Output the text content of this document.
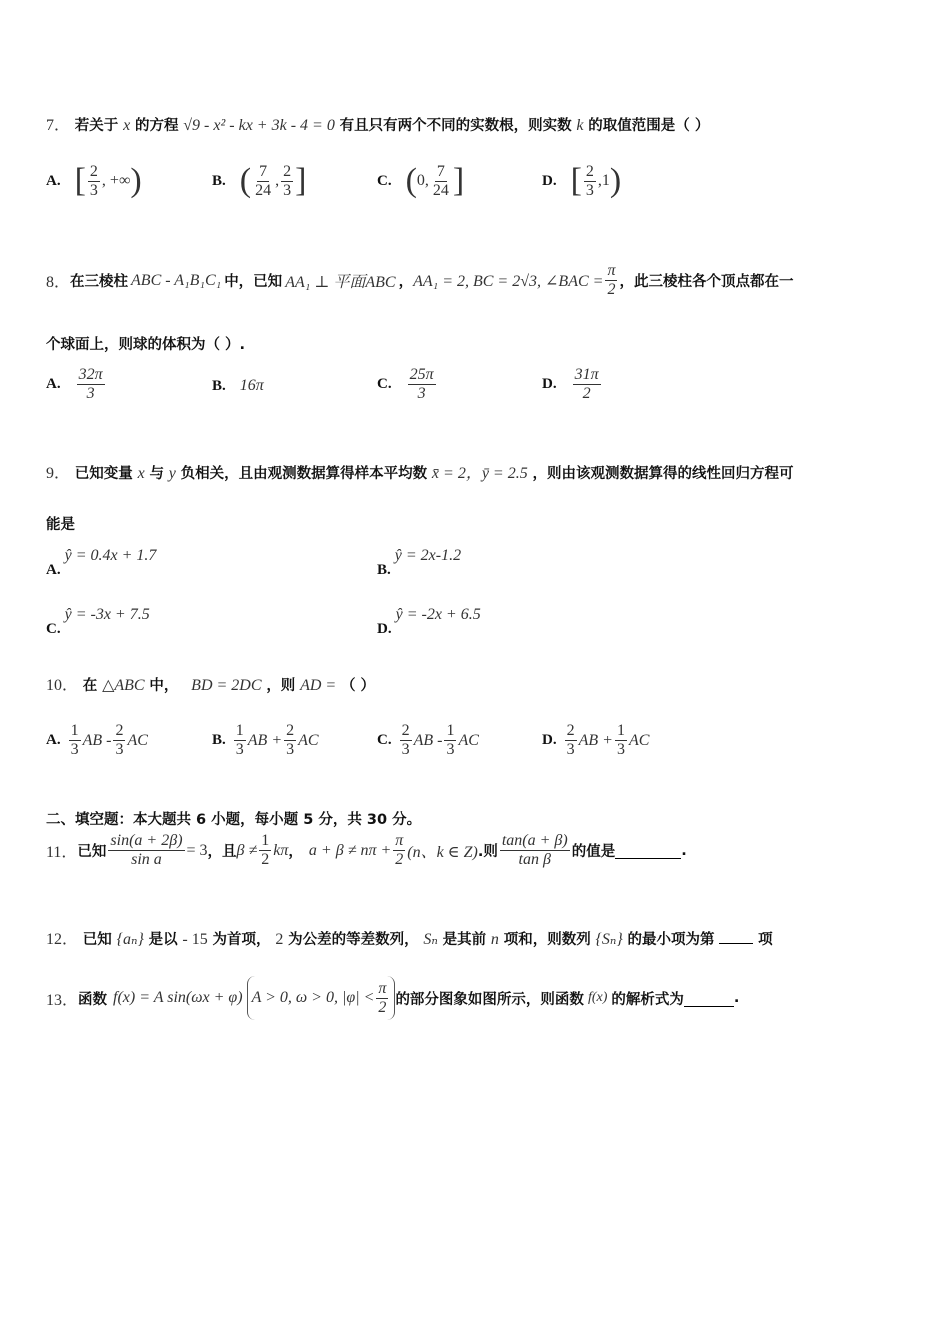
7． 若关于 x 的方程 √9 - x² - kx + 3k - 4 = 0 有且只有两个不同的实数根，则实数 k 的取值范围是（ ）
A. [ $\frac{2}{3}$ , +∞ )	B. ( $\frac{7}{24}$ , $\frac{2}{3}$ ]	C. ( 0, $\frac{7}{24}$ ]	D. [ $\frac{2}{3} ,1$ )
8． 在三棱柱 ABC - A₁B₁C₁ 中，已知 AA₁ ⊥ 平面ABC ， AA₁ = 2, BC = 2√3, ∠BAC = $\frac{\pi}{2}$ ，此三棱柱各个顶点都在一
个球面上，则球的体积为（ ）.
A. $\frac{32\pi}{3}$	B. 16π	C. $\frac{25\pi}{3}$	D. $\frac{31\pi}{2}$
9． 已知变量 x 与 y 负相关，且由观测数据算得样本平均数 x̄ = 2，ȳ = 2.5 ，则由该观测数据算得的线性回归方程可
能是
A.
ŷ = 0.4x + 1.7
B.
ŷ = 2x-1.2
C.
ŷ = -3x + 7.5
D.
ŷ = -2x + 6.5
10． 在 △ABC 中， BD = 2DC ，则 AD = （ ）
A. $\frac{1}{3}$ AB - $\frac{2}{3}$ AC	B. $\frac{1}{3}$ AB + $\frac{2}{3}$ AC	C. $\frac{2}{3}$ AB - $\frac{1}{3}$ AC	D. $\frac{2}{3}$ AB + $\frac{1}{3}$ AC
二、填空题：本大题共 6 小题，每小题 5 分，共 30 分。
11． 已知 $\frac{\sin(a + 2\beta)}{\text{sin a}} = 3$ ，且 $\beta \ne \frac{1}{2}$ kπ ， $a + \beta \ne n\pi + \frac{\pi}{2} (n$、k ∈ Z) .则 $\frac{\tan(a + \beta)}{\text{tan β}}$ 的值是	.
12． 已知 {aₙ} 是以 - 15 为首项， 2 为公差的等差数列， Sₙ 是其前 n 项和，则数列 {Sₙ} 的最小项为第	项
13． 函数 f(x) = A sin(ωx + φ) A > 0, ω > 0, $|\varphi| < \frac{\pi}{2}$ 的部分图象如图所示，则函数 f(x) 的解析式为	.
